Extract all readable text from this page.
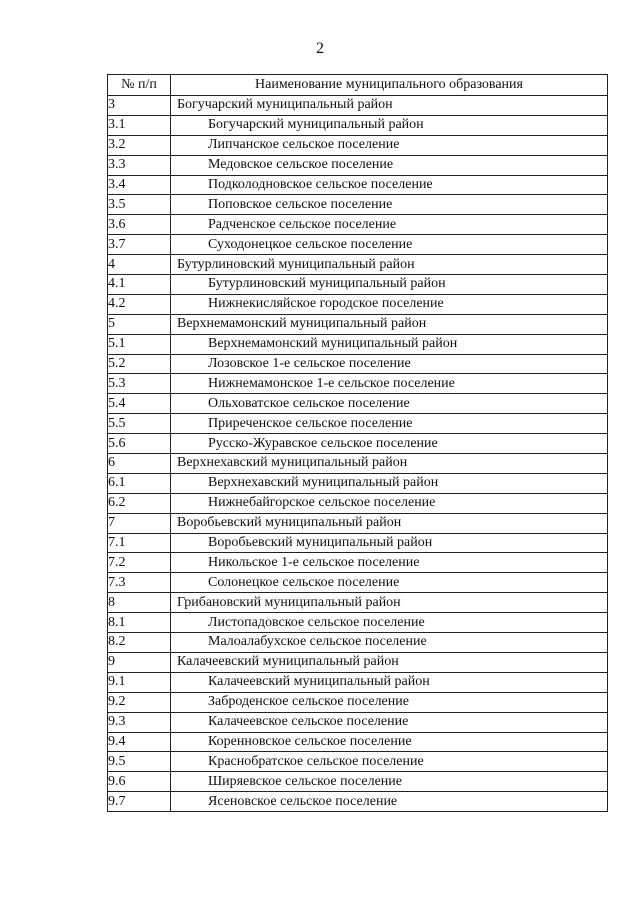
2
№ п/п	Наименование муниципального образования
3	Богучарский муниципальный район
3.1	Богучарский муниципальный район
3.2	Липчанское сельское поселение
3.3	Медовское сельское поселение
3.4	Подколодновское сельское поселение
3.5	Поповское сельское поселение
3.6	Радченское сельское поселение
3.7	Суходонецкое сельское поселение
4	Бутурлиновский муниципальный район
4.1	Бутурлиновский муниципальный район
4.2	Нижнекисляйское городское поселение
5	Верхнемамонский муниципальный район
5.1	Верхнемамонский муниципальный район
5.2	Лозовское 1-е сельское поселение
5.3	Нижнемамонское 1-е сельское поселение
5.4	Ольховатское сельское поселение
5.5	Приреченское сельское поселение
5.6	Русско-Журавское сельское поселение
6	Верхнехавский муниципальный район
6.1	Верхнехавский муниципальный район
6.2	Нижнебайгорское сельское поселение
7	Воробьевский муниципальный район
7.1	Воробьевский муниципальный район
7.2	Никольское 1-е сельское поселение
7.3	Солонецкое сельское поселение
8	Грибановский муниципальный район
8.1	Листопадовское сельское поселение
8.2	Малоалабухское сельское поселение
9	Калачеевский муниципальный район
9.1	Калачеевский муниципальный район
9.2	Заброденское сельское поселение
9.3	Калачеевское сельское поселение
9.4	Коренновское сельское поселение
9.5	Краснобратское сельское поселение
9.6	Ширяевское сельское поселение
9.7	Ясеновское сельское поселение
